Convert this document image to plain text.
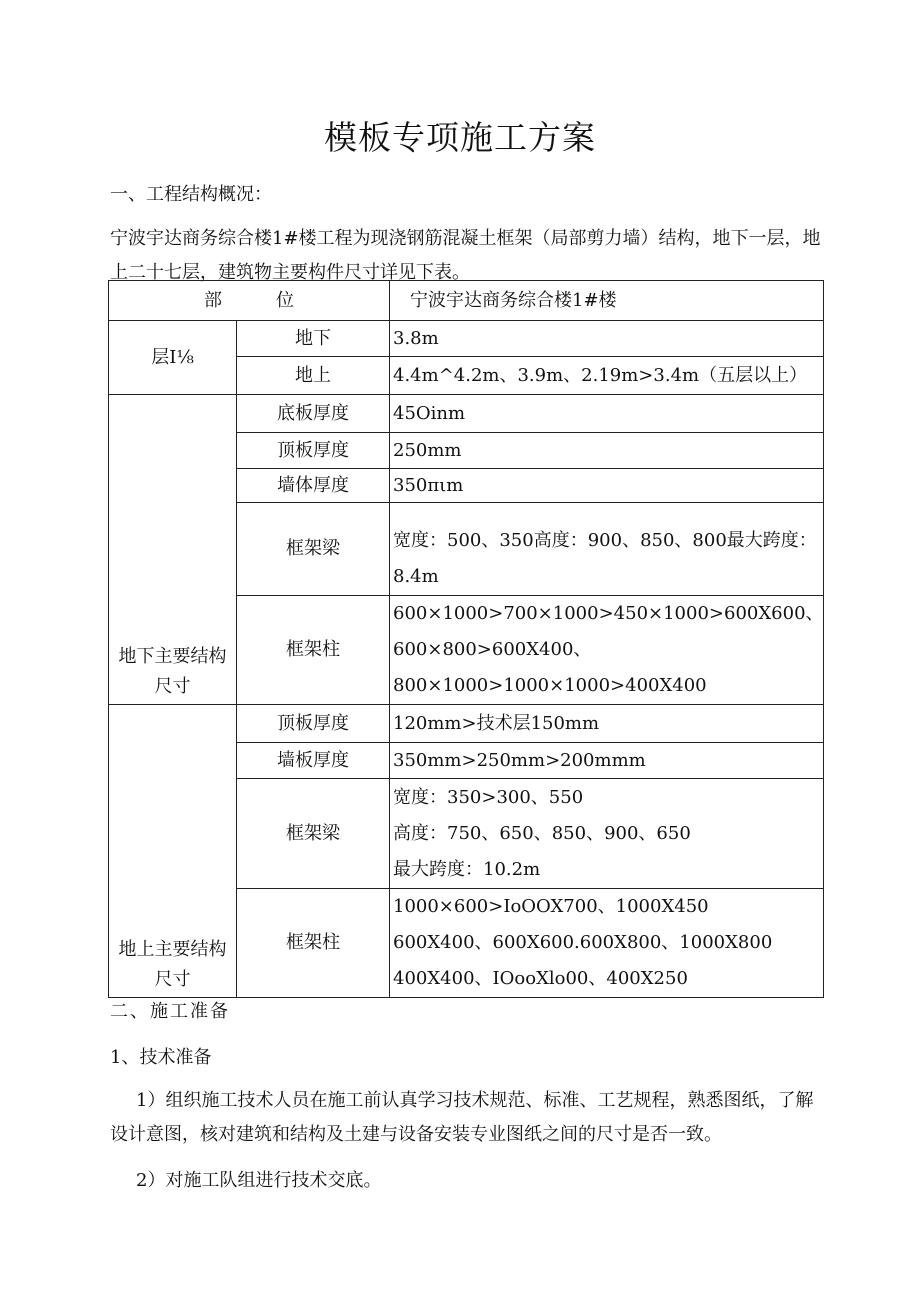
模板专项施工方案
一、工程结构概况：
宁波宇达商务综合楼1#楼工程为现浇钢筋混凝土框架（局部剪力墙）结构，地下一层，地上二十七层，建筑物主要构件尺寸详见下表。
部　　　位		宁波宇达商务综合楼1#楼
层Ⅰ⅛	地下	3.8m
	地上	4.4m^4.2m、3.9m、2.19m>3.4m（五层以上）
地下主要结构尺寸	底板厚度	45Oinm
	顶板厚度	250mm
	墙体厚度	350πιm
	框架梁	宽度：500、350高度：900、850、800最大跨度：8.4m
	框架柱	600×1000>700×1000>450×1000>600X600、
600×800>600X400、
800×1000>1000×1000>400X400

地上主要结构尺寸	顶板厚度	120mm>技术层150mm
	墙板厚度	350mm>250mm>200mmm
	框架梁	宽度：350>300、550
高度：750、650、850、900、650
最大跨度：10.2m

	框架柱	1000×600>IoOOX700、1000X450
600X400、600X600.600X800、1000X800
400X400、IOooXlo00、400X250
二、施工准备
1、技术准备
1）组织施工技术人员在施工前认真学习技术规范、标准、工艺规程，熟悉图纸，了解设计意图，核对建筑和结构及土建与设备安装专业图纸之间的尺寸是否一致。
2）对施工队组进行技术交底。
